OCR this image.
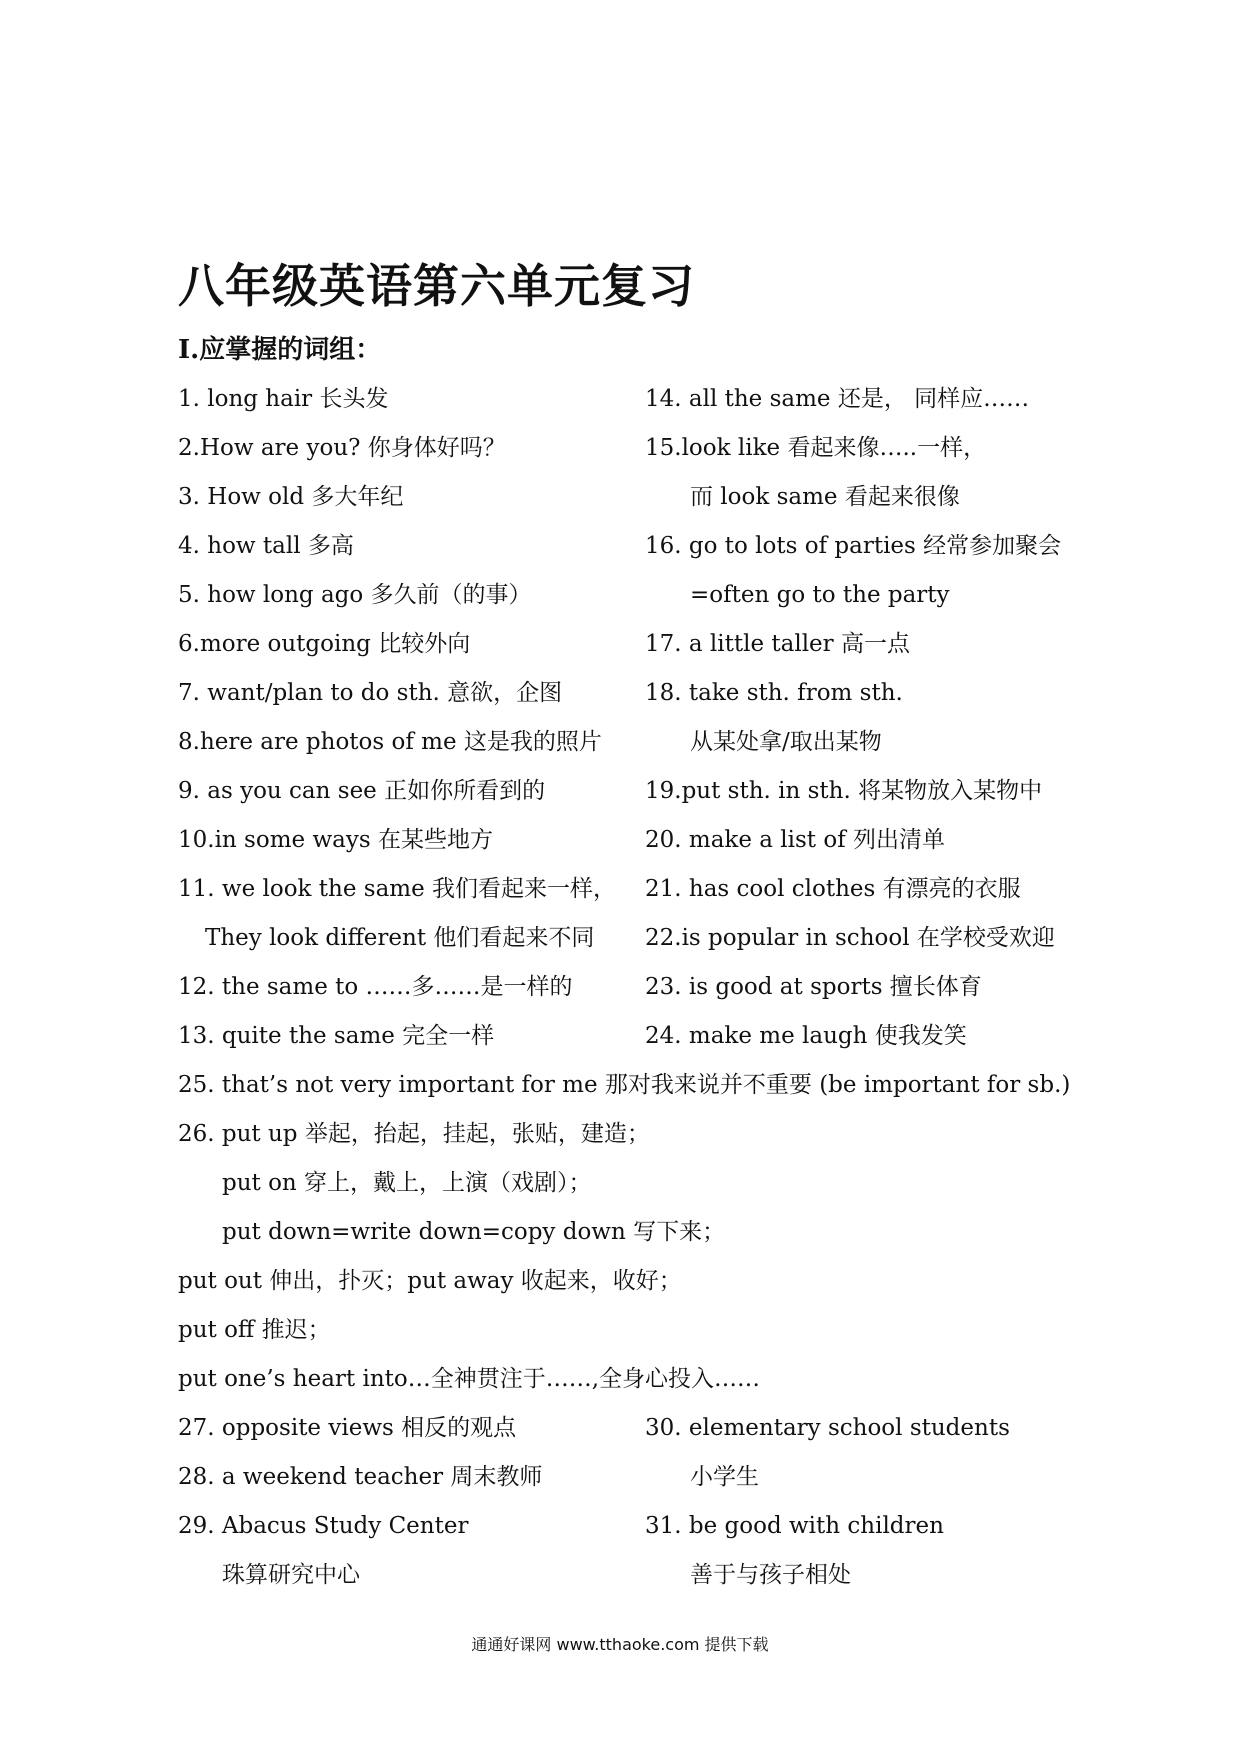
八年级英语第六单元复习
I.应掌握的词组：
1. long hair 长头发	14. all the same 还是， 同样应……
2.How are you? 你身体好吗？	15.look like 看起来像…..一样，
3. How old 多大年纪	而 look same 看起来很像
4. how tall 多高	16. go to lots of parties 经常参加聚会
5. how long ago 多久前（的事）	=often go to the party
6.more outgoing 比较外向	17. a little taller 高一点
7. want/plan to do sth. 意欲，企图	18. take sth. from sth.
8.here are photos of me 这是我的照片	从某处拿/取出某物
9. as you can see 正如你所看到的	19.put sth. in sth. 将某物放入某物中
10.in some ways 在某些地方	20. make a list of 列出清单
11. we look the same 我们看起来一样， 21. has cool clothes 有漂亮的衣服
They look different 他们看起来不同 22.is popular in school 在学校受欢迎
12. the same to ……多……是一样的	23. is good at sports 擅长体育
13. quite the same 完全一样	24. make me laugh 使我发笑
25. that’s not very important for me 那对我来说并不重要 (be important for sb.)
26. put up 举起，抬起，挂起，张贴，建造；
put on 穿上，戴上，上演（戏剧）；
put down=write down=copy down 写下来；
put out 伸出，扑灭；put away 收起来，收好；
put off 推迟；
put one’s heart into…全神贯注于……,全身心投入……
27. opposite views 相反的观点	30. elementary school students
28. a weekend teacher 周末教师	小学生
29. Abacus Study Center	31. be good with children
珠算研究中心	善于与孩子相处
通通好课网 www.tthaoke.com 提供下载
